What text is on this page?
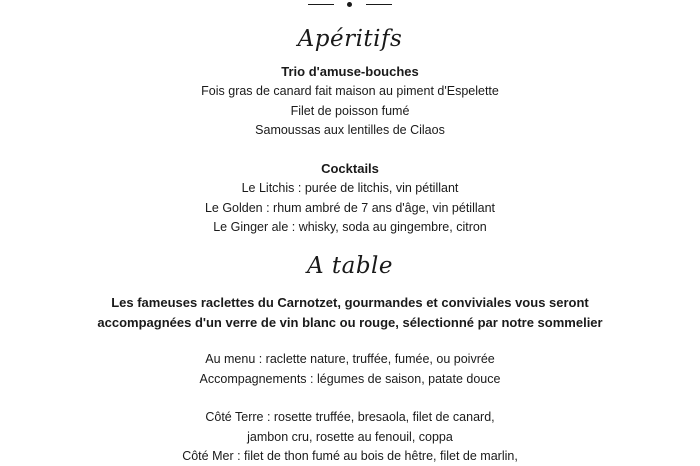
Apéritifs
Trio d'amuse-bouches
Fois gras de canard fait maison au piment d'Espelette
Filet de poisson fumé
Samoussas aux lentilles de Cilaos
Cocktails
Le Litchis : purée de litchis, vin pétillant
Le Golden : rhum ambré de 7 ans d'âge, vin pétillant
Le Ginger ale : whisky, soda au gingembre, citron
A table
Les fameuses raclettes du Carnotzet, gourmandes et conviviales vous seront
accompagnées d'un verre de vin blanc ou rouge, sélectionné par notre sommelier
Au menu : raclette nature, truffée, fumée, ou poivrée
Accompagnements : légumes de saison, patate douce
Côté Terre : rosette truffée, bresaola, filet de canard,
jambon cru, rosette au fenouil, coppa
Côté Mer : filet de thon fumé au bois de hêtre, filet de marlin,
